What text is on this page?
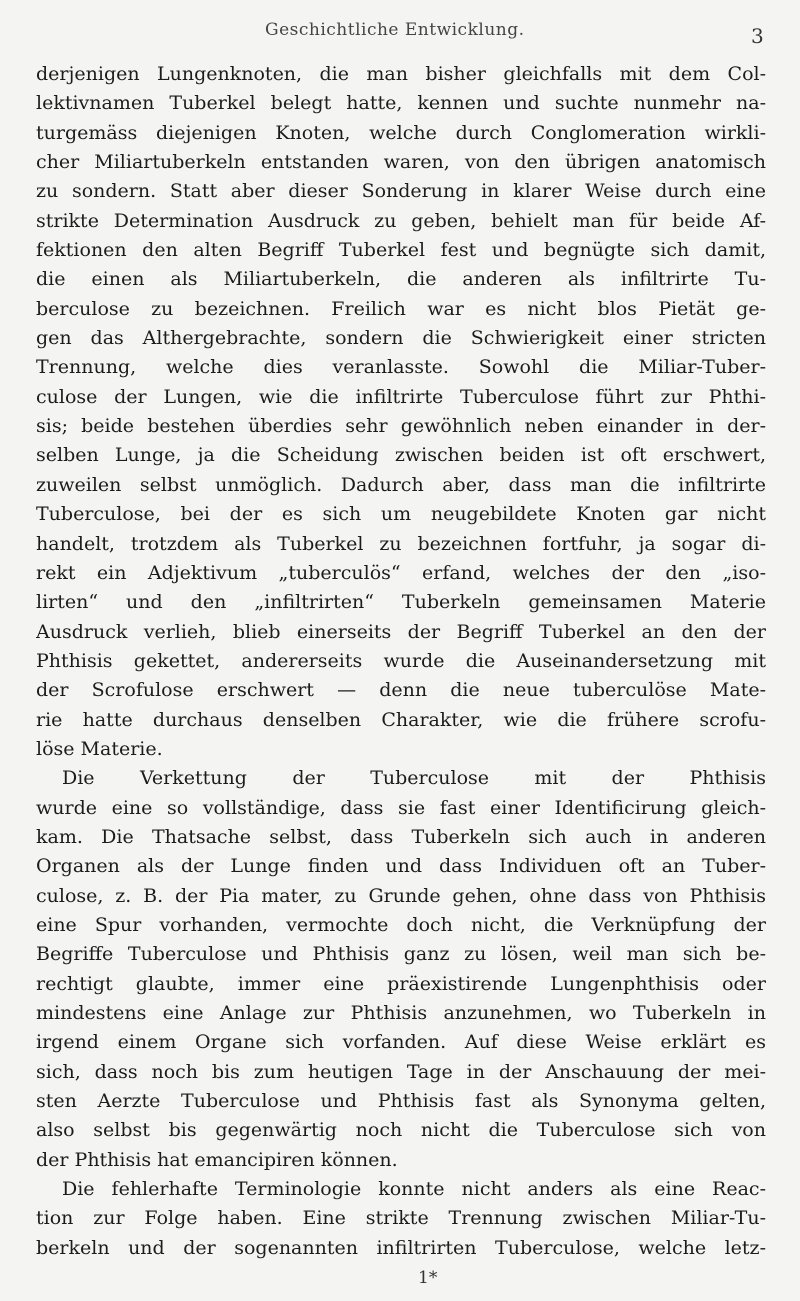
Geschichtliche Entwicklung.	3
derjenigen Lungenknoten, die man bisher gleichfalls mit dem Col-
lektivnamen Tuberkel belegt hatte, kennen und suchte nunmehr na-
turgemäss diejenigen Knoten, welche durch Conglomeration wirkli-
cher Miliartuberkeln entstanden waren, von den übrigen anatomisch
zu sondern. Statt aber dieser Sonderung in klarer Weise durch eine
strikte Determination Ausdruck zu geben, behielt man für beide Af-
fektionen den alten Begriff Tuberkel fest und begnügte sich damit,
die einen als Miliartuberkeln, die anderen als infiltrirte Tu-
berculose zu bezeichnen. Freilich war es nicht blos Pietät ge-
gen das Althergebrachte, sondern die Schwierigkeit einer stricten
Trennung, welche dies veranlasste. Sowohl die Miliar-Tuber-
culose der Lungen, wie die infiltrirte Tuberculose führt zur Phthi-
sis; beide bestehen überdies sehr gewöhnlich neben einander in der-
selben Lunge, ja die Scheidung zwischen beiden ist oft erschwert,
zuweilen selbst unmöglich. Dadurch aber, dass man die infiltrirte
Tuberculose, bei der es sich um neugebildete Knoten gar nicht
handelt, trotzdem als Tuberkel zu bezeichnen fortfuhr, ja sogar di-
rekt ein Adjektivum „tuberculös“ erfand, welches der den „iso-
lirten“ und den „infiltrirten“ Tuberkeln gemeinsamen Materie
Ausdruck verlieh, blieb einerseits der Begriff Tuberkel an den der
Phthisis gekettet, andererseits wurde die Auseinandersetzung mit
der Scrofulose erschwert — denn die neue tuberculöse Mate-
rie hatte durchaus denselben Charakter, wie die frühere scrofu-
löse Materie.
Die Verkettung der Tuberculose mit der Phthisis
wurde eine so vollständige, dass sie fast einer Identificirung gleich-
kam. Die Thatsache selbst, dass Tuberkeln sich auch in anderen
Organen als der Lunge finden und dass Individuen oft an Tuber-
culose, z. B. der Pia mater, zu Grunde gehen, ohne dass von Phthisis
eine Spur vorhanden, vermochte doch nicht, die Verknüpfung der
Begriffe Tuberculose und Phthisis ganz zu lösen, weil man sich be-
rechtigt glaubte, immer eine präexistirende Lungenphthisis oder
mindestens eine Anlage zur Phthisis anzunehmen, wo Tuberkeln in
irgend einem Organe sich vorfanden. Auf diese Weise erklärt es
sich, dass noch bis zum heutigen Tage in der Anschauung der mei-
sten Aerzte Tuberculose und Phthisis fast als Synonyma gelten,
also selbst bis gegenwärtig noch nicht die Tuberculose sich von
der Phthisis hat emancipiren können.
Die fehlerhafte Terminologie konnte nicht anders als eine Reac-
tion zur Folge haben. Eine strikte Trennung zwischen Miliar-Tu-
berkeln und der sogenannten infiltrirten Tuberculose, welche letz-
1*
